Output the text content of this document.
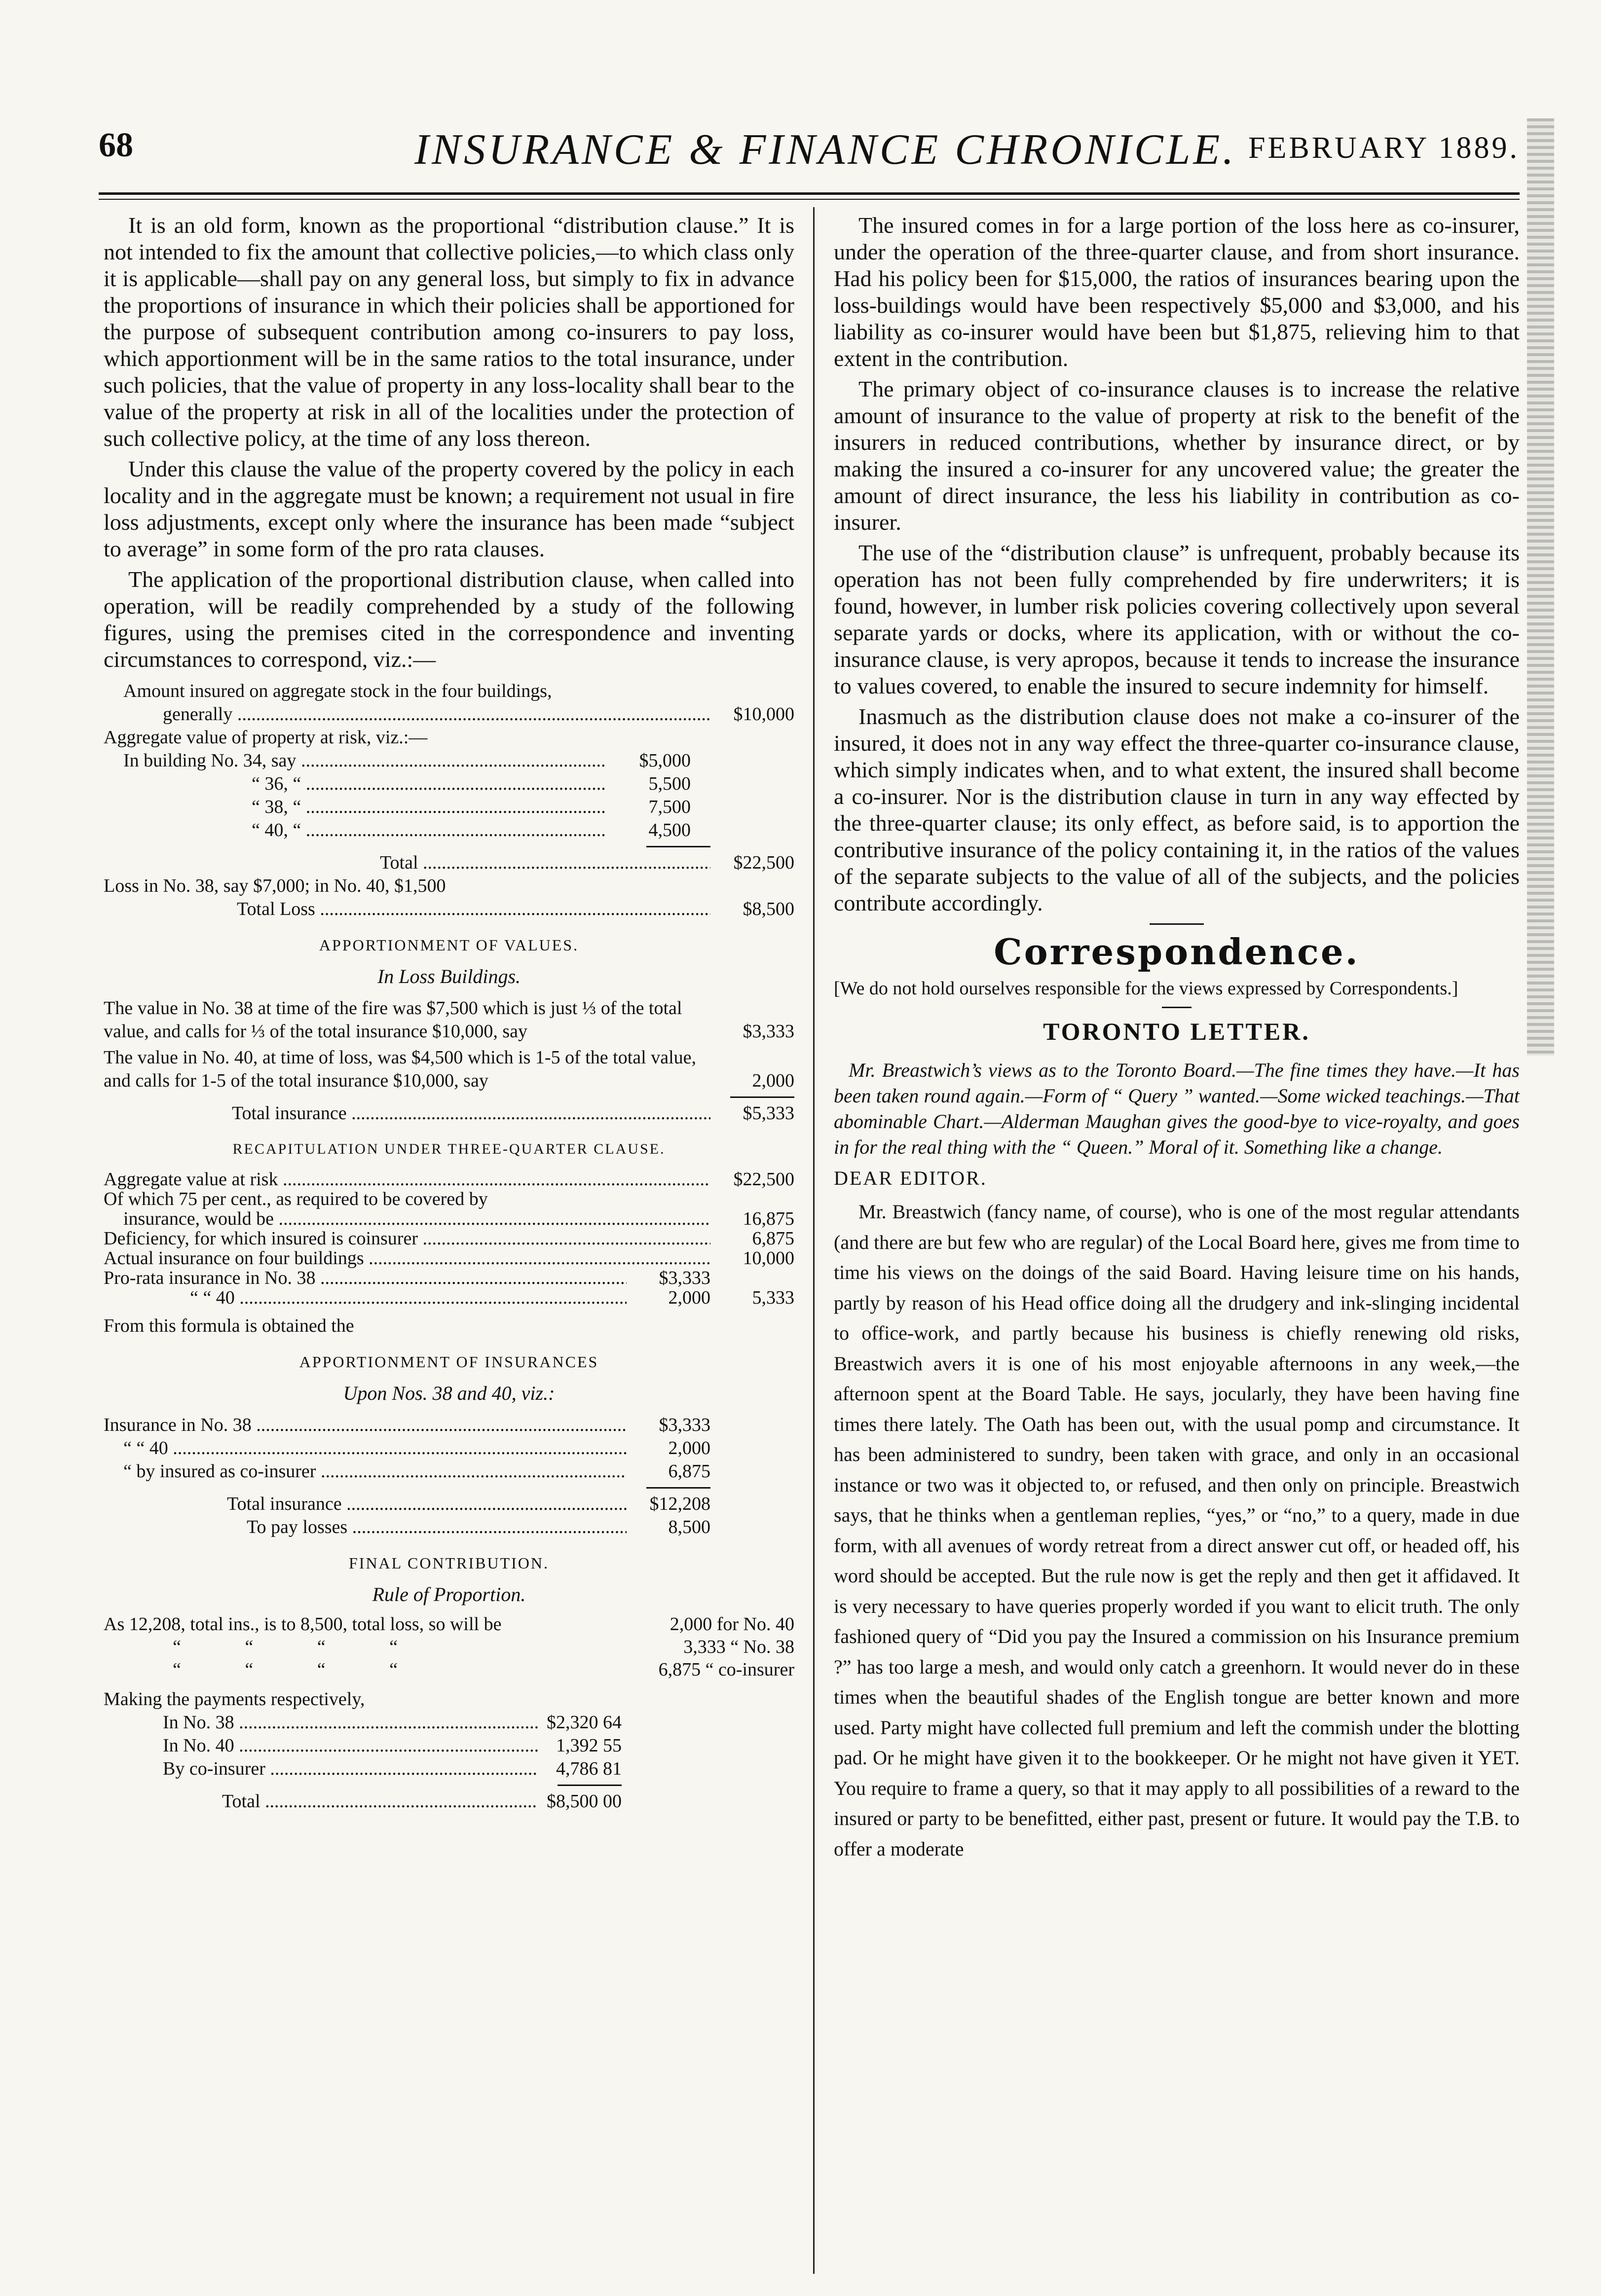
68	INSURANCE & FINANCE CHRONICLE. FEBRUARY 1889.

It is an old form, known as the proportional “distribution clause.” It is not intended to fix the amount that collective policies,—to which class only it is applicable—shall pay on any general loss, but simply to fix in advance the proportions of insurance in which their policies shall be apportioned for the purpose of subsequent contribution among co-insurers to pay loss, which apportionment will be in the same ratios to the total insurance, under such policies, that the value of property in any loss-locality shall bear to the value of the property at risk in all of the localities under the protection of such collective policy, at the time of any loss thereon.

Under this clause the value of the property covered by the policy in each locality and in the aggregate must be known; a requirement not usual in fire loss adjustments, except only where the insurance has been made “subject to average” in some form of the pro rata clauses.

The application of the proportional distribution clause, when called into operation, will be readily comprehended by a study of the following figures, using the premises cited in the correspondence and inventing circumstances to correspond, viz.:—

Amount insured on aggregate stock in the four buildings,
generally .....	$10,000
Aggregate value of property at risk, viz.:—
In building No. 34, say .....	$5,000
“ 36, “ .....	5,500
“ 38, “ .....	7,500
“ 40, “ .....	4,500
Total .....	$22,500
Loss in No. 38, say $7,000; in No. 40, $1,500
Total Loss .....	$8,500
APPORTIONMENT OF VALUES.
In Loss Buildings.
The value in No. 38 at time of the fire was $7,500 which is just ⅓ of the total value, and calls for ⅓ of the total insurance $10,000, say	$3,333
The value in No. 40, at time of loss, was $4,500 which is 1-5 of the total value, and calls for 1-5 of the total insurance $10,000, say	2,000
Total insurance .....	$5,333
RECAPITULATION UNDER THREE-QUARTER CLAUSE.
Aggregate value at risk .....	$22,500
Of which 75 per cent., as required to be covered by
insurance, would be .....	16,875
Deficiency, for which insured is coinsurer .....	6,875
Actual insurance on four buildings .....	10,000
Pro-rata insurance in No. 38 .....	$3,333
“ “ 40 .....	2,000	5,333
From this formula is obtained the
APPORTIONMENT OF INSURANCES
Upon Nos. 38 and 40, viz.:
Insurance in No. 38 .....	$3,333
“ “ 40 .....	2,000
“ by insured as co-insurer .....	6,875
Total insurance .....	$12,208
To pay losses .....	8,500
FINAL CONTRIBUTION.
Rule of Proportion.
As 12,208, total ins., is to 8,500, total loss, so will be	2,000 for No. 40
“ “ “ “	3,333 “ No. 38
“ “ “ “	6,875 “ co-insurer
Making the payments respectively,
In No. 38 .....	$2,320 64
In No. 40 .....	1,392 55
By co-insurer .....	4,786 81
Total .....	$8,500 00

The insured comes in for a large portion of the loss here as co-insurer, under the operation of the three-quarter clause, and from short insurance. Had his policy been for $15,000, the ratios of insurances bearing upon the loss-buildings would have been respectively $5,000 and $3,000, and his liability as co-insurer would have been but $1,875, relieving him to that extent in the contribution.

The primary object of co-insurance clauses is to increase the relative amount of insurance to the value of property at risk to the benefit of the insurers in reduced contributions, whether by insurance direct, or by making the insured a co-insurer for any uncovered value; the greater the amount of direct insurance, the less his liability in contribution as co-insurer.

The use of the “distribution clause” is unfrequent, probably because its operation has not been fully comprehended by fire underwriters; it is found, however, in lumber risk policies covering collectively upon several separate yards or docks, where its application, with or without the co-insurance clause, is very apropos, because it tends to increase the insurance to values covered, to enable the insured to secure indemnity for himself.

Inasmuch as the distribution clause does not make a co-insurer of the insured, it does not in any way effect the three-quarter co-insurance clause, which simply indicates when, and to what extent, the insured shall become a co-insurer. Nor is the distribution clause in turn in any way effected by the three-quarter clause; its only effect, as before said, is to apportion the contributive insurance of the policy containing it, in the ratios of the values of the separate subjects to the value of all of the subjects, and the policies contribute accordingly.

Correspondence.
[We do not hold ourselves responsible for the views expressed by Correspondents.]
TORONTO LETTER.

Mr. Breastwich’s views as to the Toronto Board.—The fine times they have.—It has been taken round again.—Form of “ Query ” wanted.—Some wicked teachings.—That abominable Chart.—Alderman Maughan gives the good-bye to vice-royalty, and goes in for the real thing with the “ Queen.” Moral of it. Something like a change.

DEAR EDITOR.

Mr. Breastwich (fancy name, of course), who is one of the most regular attendants (and there are but few who are regular) of the Local Board here, gives me from time to time his views on the doings of the said Board. Having leisure time on his hands, partly by reason of his Head office doing all the drudgery and ink-slinging incidental to office-work, and partly because his business is chiefly renewing old risks, Breastwich avers it is one of his most enjoyable afternoons in any week,—the afternoon spent at the Board Table. He says, jocularly, they have been having fine times there lately. The Oath has been out, with the usual pomp and circumstance. It has been administered to sundry, been taken with grace, and only in an occasional instance or two was it objected to, or refused, and then only on principle. Breastwich says, that he thinks when a gentleman replies, “yes,” or “no,” to a query, made in due form, with all avenues of wordy retreat from a direct answer cut off, or headed off, his word should be accepted. But the rule now is get the reply and then get it affidaved. It is very necessary to have queries properly worded if you want to elicit truth. The only fashioned query of “Did you pay the Insured a commission on his Insurance premium ?” has too large a mesh, and would only catch a greenhorn. It would never do in these times when the beautiful shades of the English tongue are better known and more used. Party might have collected full premium and left the commish under the blotting pad. Or he might have given it to the bookkeeper. Or he might not have given it YET. You require to frame a query, so that it may apply to all possibilities of a reward to the insured or party to be benefitted, either past, present or future. It would pay the T.B. to offer a moderate
